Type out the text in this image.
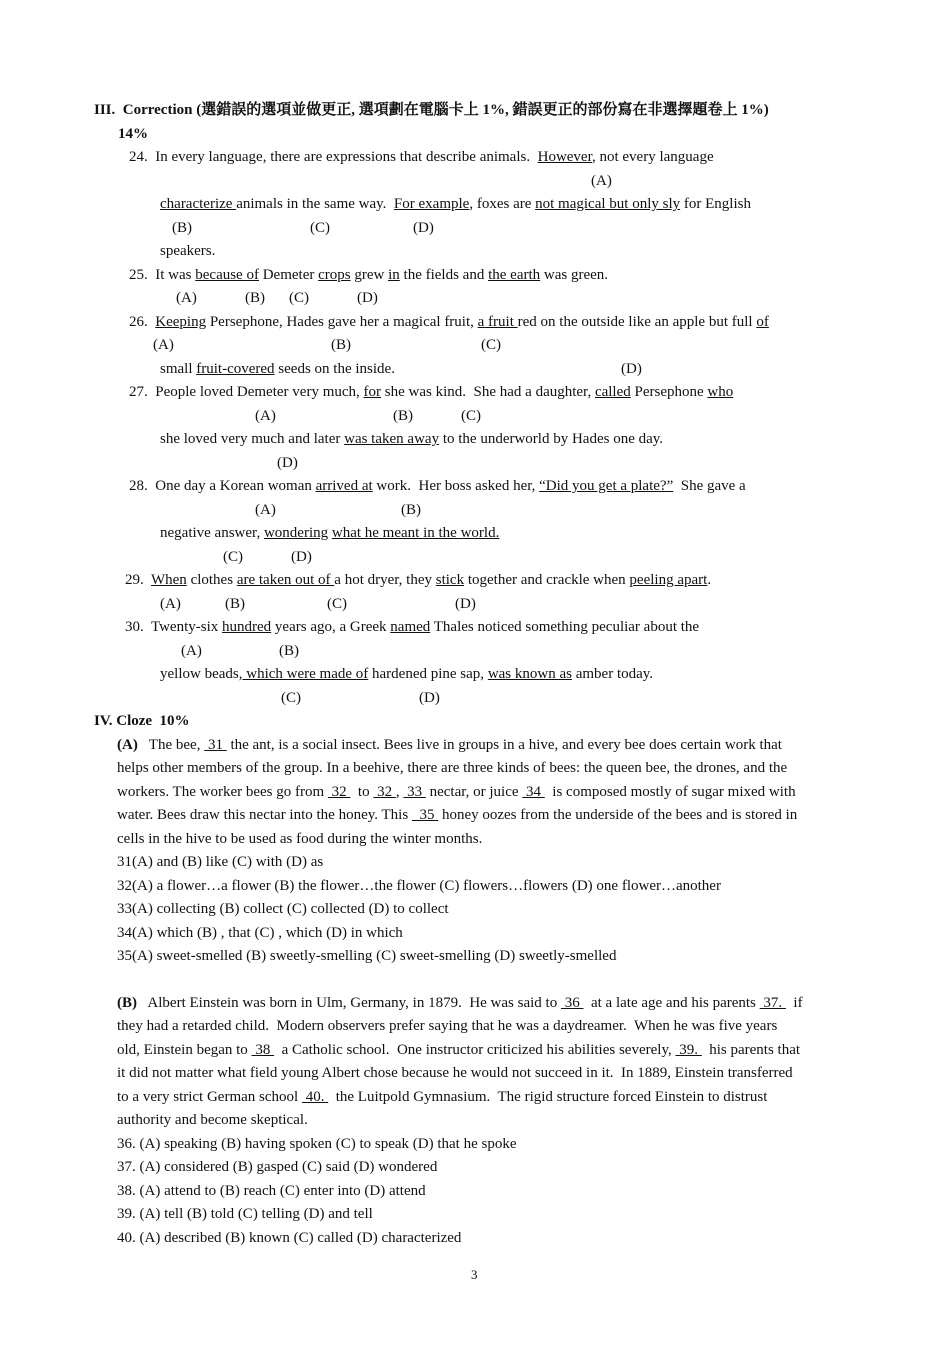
III.  Correction (選錯誤的選項並做更正, 選項劃在電腦卡上 1%, 錯誤更正的部份寫在非選擇題卷上 1%)
14%
24.  In every language, there are expressions that describe animals.  However, not every language
(A)
characterize animals in the same way.  For example, foxes are not magical but only sly for English
(B)	(C)	(D)
speakers.
25.  It was because of Demeter crops grew in the fields and the earth was green.
(A)	(B) (C)	(D)
26.  Keeping Persephone, Hades gave her a magical fruit, a fruit red on the outside like an apple but full of
(A)	(B)	(C)
small fruit-covered seeds on the inside.	(D)
27.  People loved Demeter very much, for she was kind.  She had a daughter, called Persephone who
(A)	(B)	(C)
she loved very much and later was taken away to the underworld by Hades one day.
(D)
28.  One day a Korean woman arrived at work.  Her boss asked her, “Did you get a plate?”  She gave a
(A)	(B)
negative answer, wondering what he meant in the world.
(C)	(D)
29.  When clothes are taken out of a hot dryer, they stick together and crackle when peeling apart.
(A)	(B)	(C)	(D)
30.  Twenty-six hundred years ago, a Greek named Thales noticed something peculiar about the
(A)	(B)
yellow beads, which were made of hardened pine sap, was known as amber today.
(C)	(D)
IV. Cloze  10%
(A)   The bee,  31  the ant, is a social insect. Bees live in groups in a hive, and every bee does certain work that
helps other members of the group. In a beehive, there are three kinds of bees: the queen bee, the drones, and the
workers. The worker bees go from  32   to  32 ,  33  nectar, or juice  34   is composed mostly of sugar mixed with
water. Bees draw this nectar into the honey. This   35  honey oozes from the underside of the bees and is stored in
cells in the hive to be used as food during the winter months.
31(A) and (B) like (C) with (D) as
32(A) a flower…a flower (B) the flower…the flower (C) flowers…flowers (D) one flower…another
33(A) collecting (B) collect (C) collected (D) to collect
34(A) which (B) , that (C) , which (D) in which
35(A) sweet-smelled (B) sweetly-smelling (C) sweet-smelling (D) sweetly-smelled
(B)   Albert Einstein was born in Ulm, Germany, in 1879.  He was said to  36   at a late age and his parents  37.   if
they had a retarded child.  Modern observers prefer saying that he was a daydreamer.  When he was five years
old, Einstein began to  38   a Catholic school.  One instructor criticized his abilities severely,  39.   his parents that
it did not matter what field young Albert chose because he would not succeed in it.  In 1889, Einstein transferred
to a very strict German school  40.   the Luitpold Gymnasium.  The rigid structure forced Einstein to distrust
authority and become skeptical.
36. (A) speaking (B) having spoken (C) to speak (D) that he spoke
37. (A) considered (B) gasped (C) said (D) wondered
38. (A) attend to (B) reach (C) enter into (D) attend
39. (A) tell (B) told (C) telling (D) and tell
40. (A) described (B) known (C) called (D) characterized
3
